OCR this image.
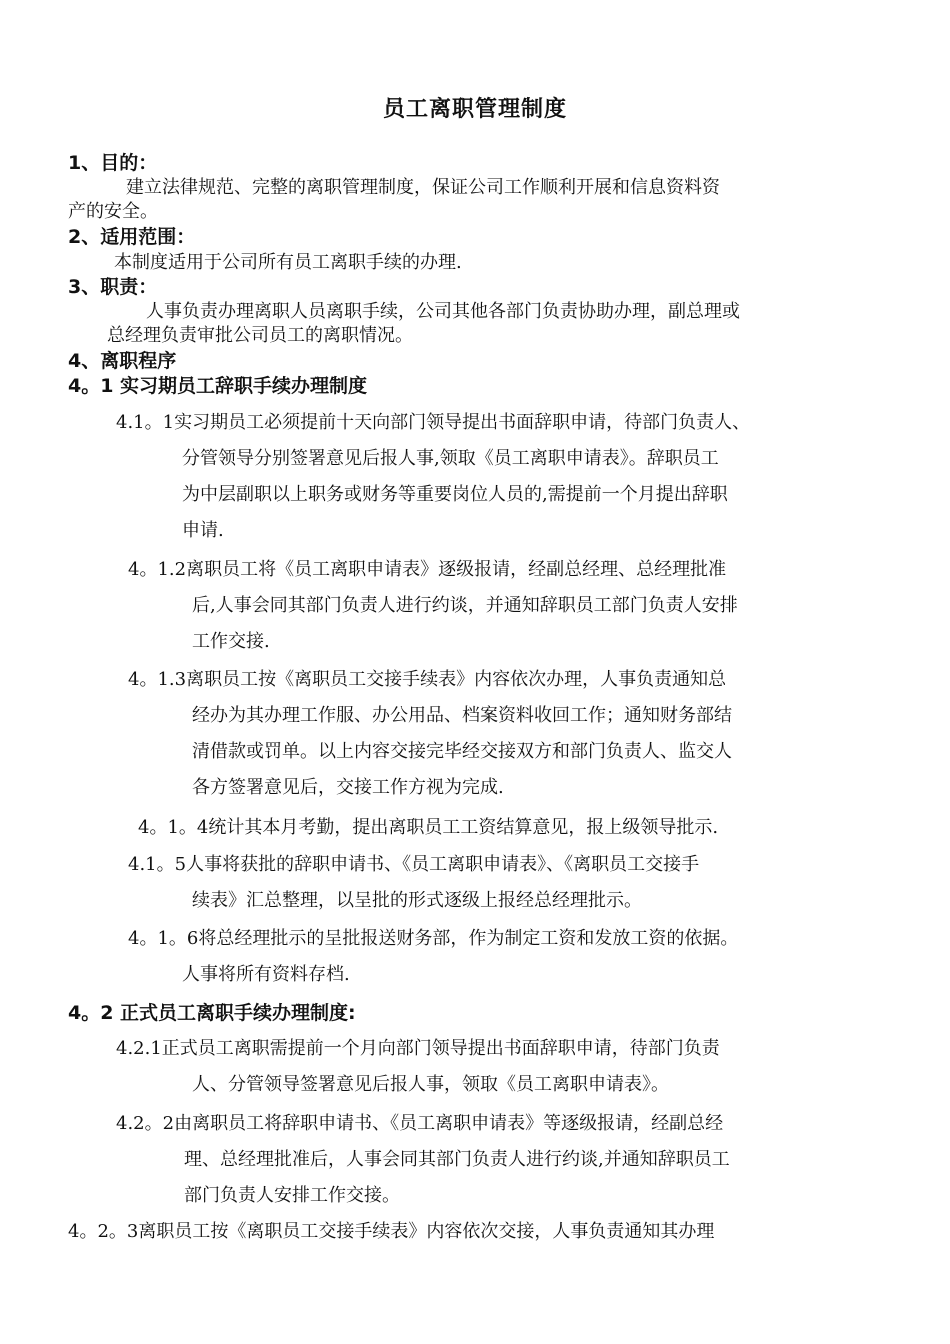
员工离职管理制度
1、目的：
建立法律规范、完整的离职管理制度，保证公司工作顺利开展和信息资料资
产的安全。
2、适用范围：
本制度适用于公司所有员工离职手续的办理.
3、职责：
人事负责办理离职人员离职手续，公司其他各部门负责协助办理，副总理或
总经理负责审批公司员工的离职情况。
4、离职程序
4。1 实习期员工辞职手续办理制度
4.1。1实习期员工必须提前十天向部门领导提出书面辞职申请，待部门负责人、
分管领导分别签署意见后报人事,领取《员工离职申请表》。辞职员工
为中层副职以上职务或财务等重要岗位人员的,需提前一个月提出辞职
申请.
4。1.2离职员工将《员工离职申请表》逐级报请，经副总经理、总经理批准
后,人事会同其部门负责人进行约谈，并通知辞职员工部门负责人安排
工作交接.
4。1.3离职员工按《离职员工交接手续表》内容依次办理，人事负责通知总
经办为其办理工作服、办公用品、档案资料收回工作；通知财务部结
清借款或罚单。以上内容交接完毕经交接双方和部门负责人、监交人
各方签署意见后，交接工作方视为完成.
4。1。4统计其本月考勤，提出离职员工工资结算意见，报上级领导批示.
4.1。5人事将获批的辞职申请书、《员工离职申请表》、《离职员工交接手
续表》汇总整理，以呈批的形式逐级上报经总经理批示。
4。1。6将总经理批示的呈批报送财务部，作为制定工资和发放工资的依据。
人事将所有资料存档.
4。2 正式员工离职手续办理制度:
4.2.1正式员工离职需提前一个月向部门领导提出书面辞职申请，待部门负责
人、分管领导签署意见后报人事，领取《员工离职申请表》。
4.2。2由离职员工将辞职申请书、《员工离职申请表》等逐级报请，经副总经
理、总经理批准后，人事会同其部门负责人进行约谈,并通知辞职员工
部门负责人安排工作交接。
4。2。3离职员工按《离职员工交接手续表》内容依次交接，人事负责通知其办理
